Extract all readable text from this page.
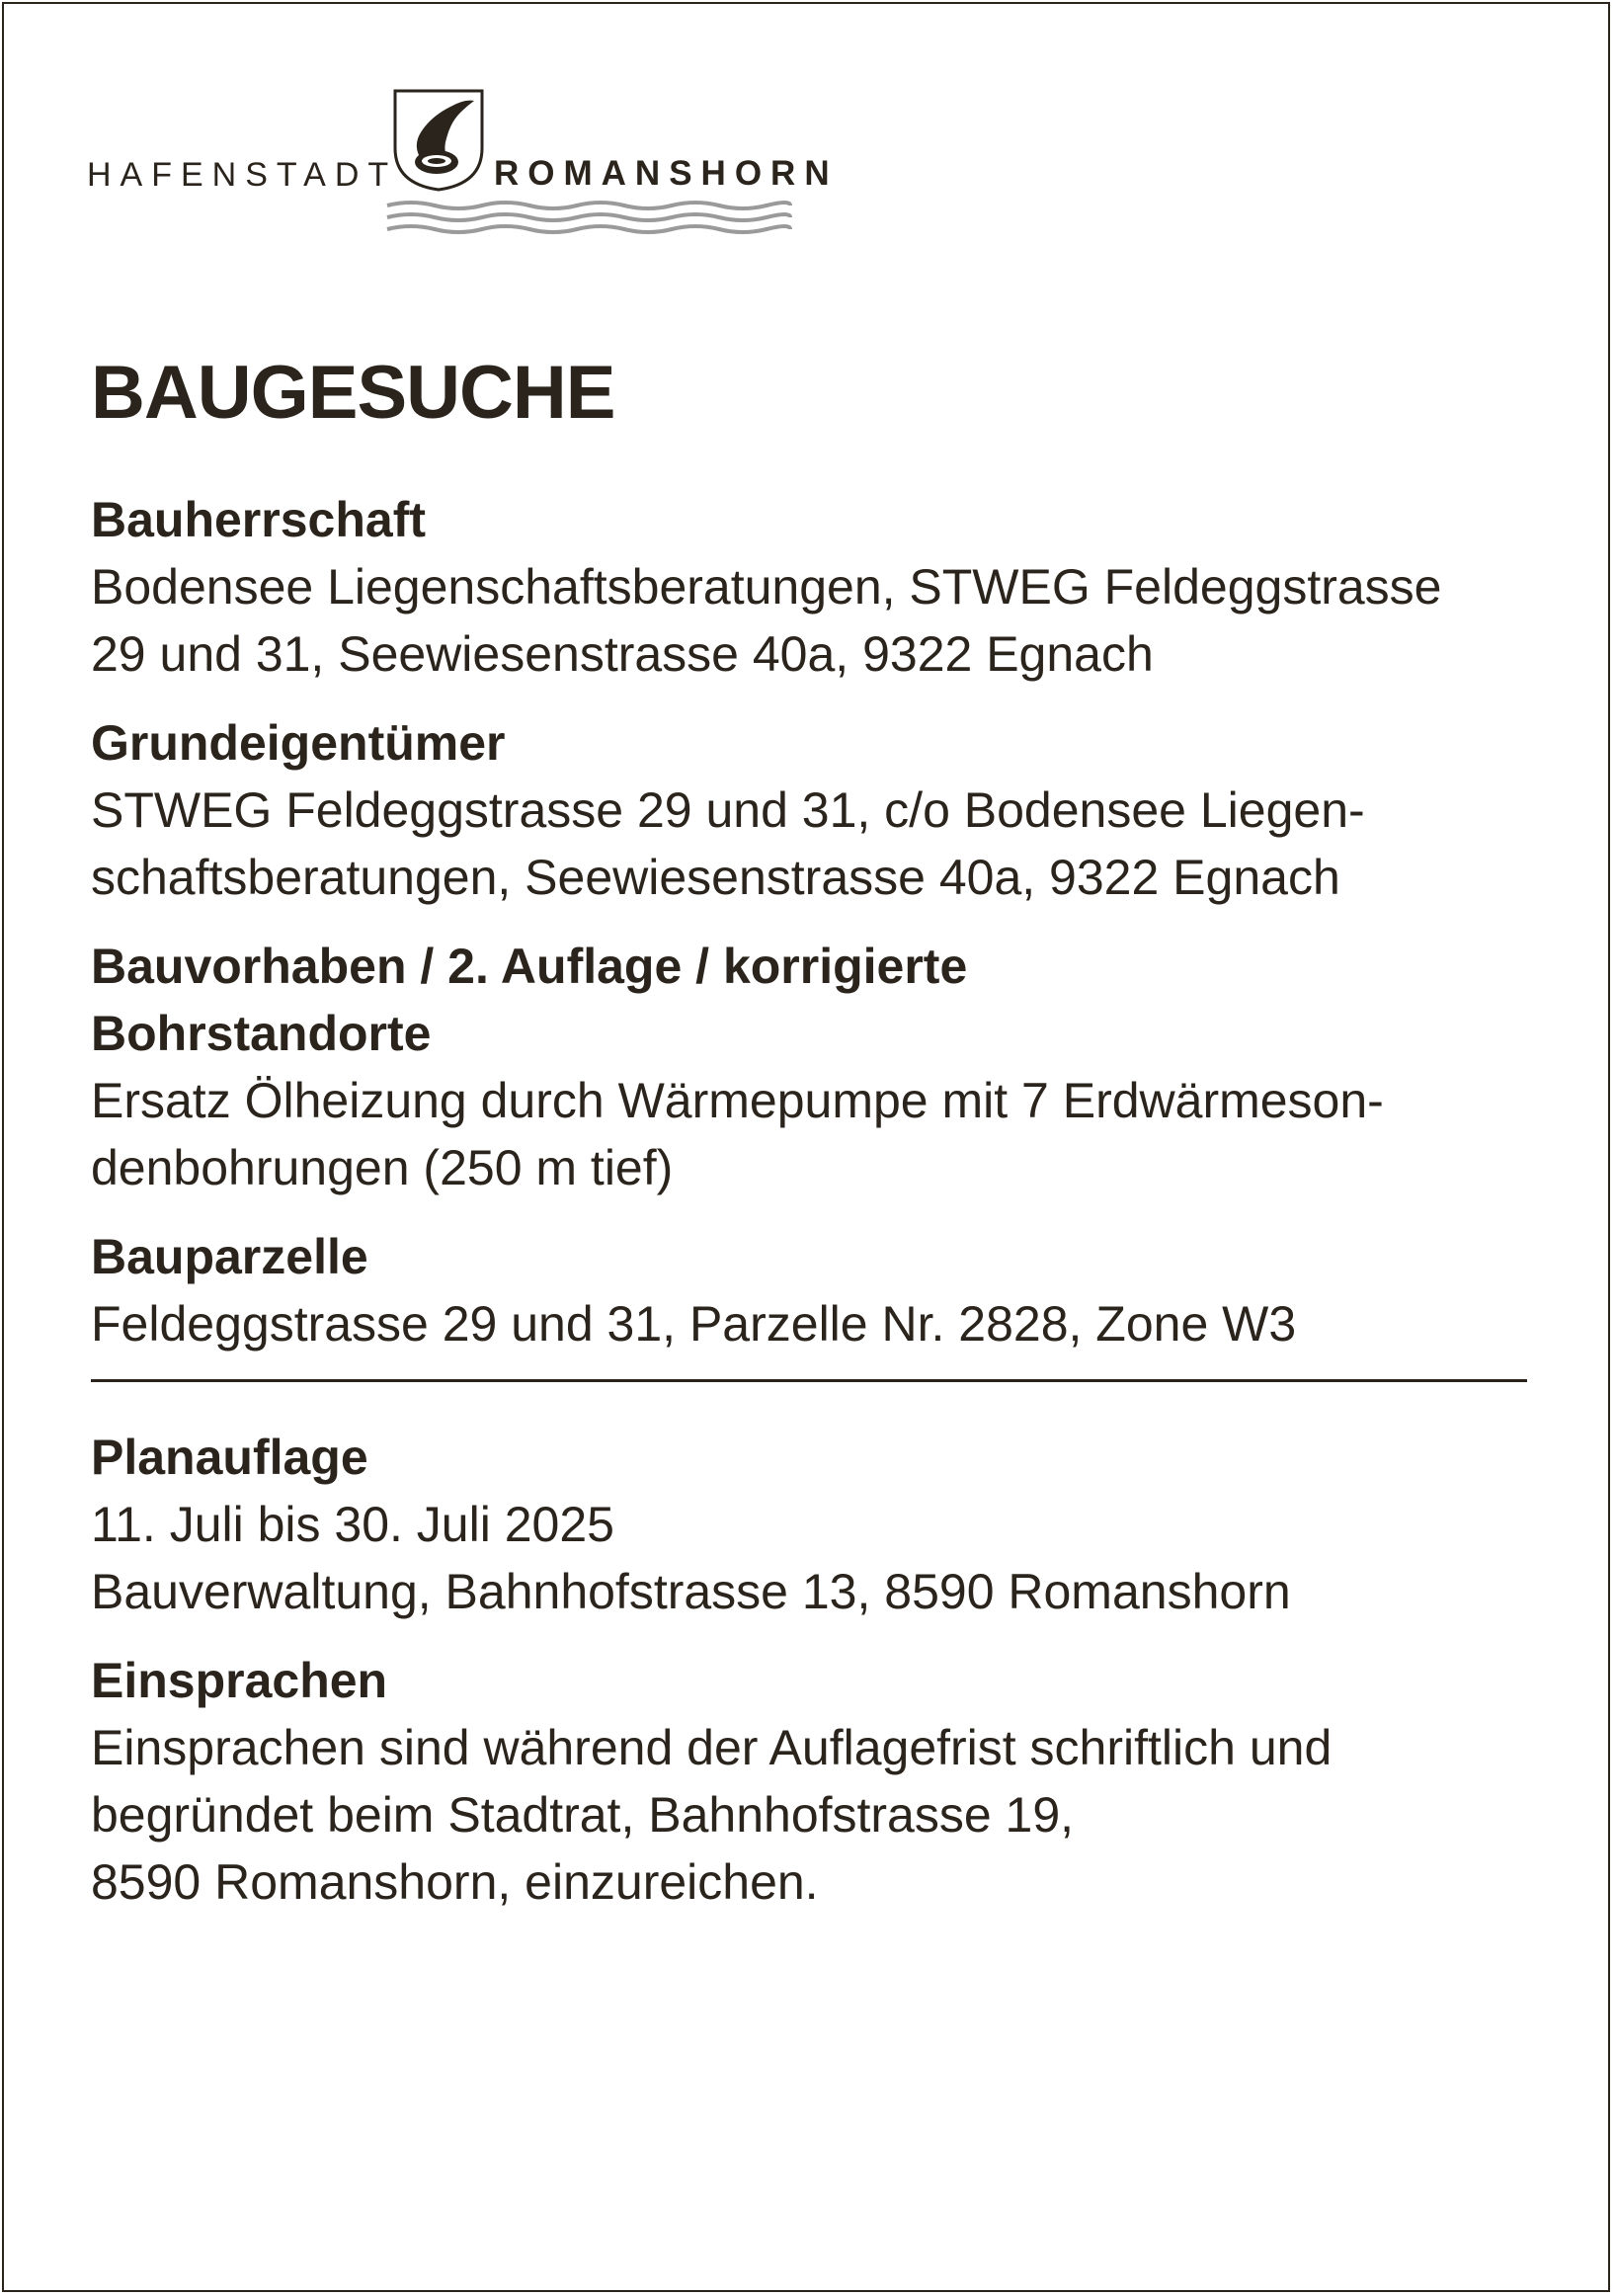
HAFENSTADT	ROMANSHORN
BAUGESUCHE
Bauherrschaft
Bodensee Liegenschaftsberatungen, STWEG Feldeggstrasse
29 und 31, Seewiesenstrasse 40a, 9322 Egnach
Grundeigentümer
STWEG Feldeggstrasse 29 und 31, c/o Bodensee Liegen-
schaftsberatungen, Seewiesenstrasse 40a, 9322 Egnach
Bauvorhaben / 2. Auflage / korrigierte
Bohrstandorte
Ersatz Ölheizung durch Wärmepumpe mit 7 Erdwärmeson-
denbohrungen (250 m tief)
Bauparzelle
Feldeggstrasse 29 und 31, Parzelle Nr. 2828, Zone W3
Planauflage
11. Juli bis 30. Juli 2025
Bauverwaltung, Bahnhofstrasse 13, 8590 Romanshorn
Einsprachen
Einsprachen sind während der Auflagefrist schriftlich und
begründet beim Stadtrat, Bahnhofstrasse 19,
8590 Romanshorn, einzureichen.
